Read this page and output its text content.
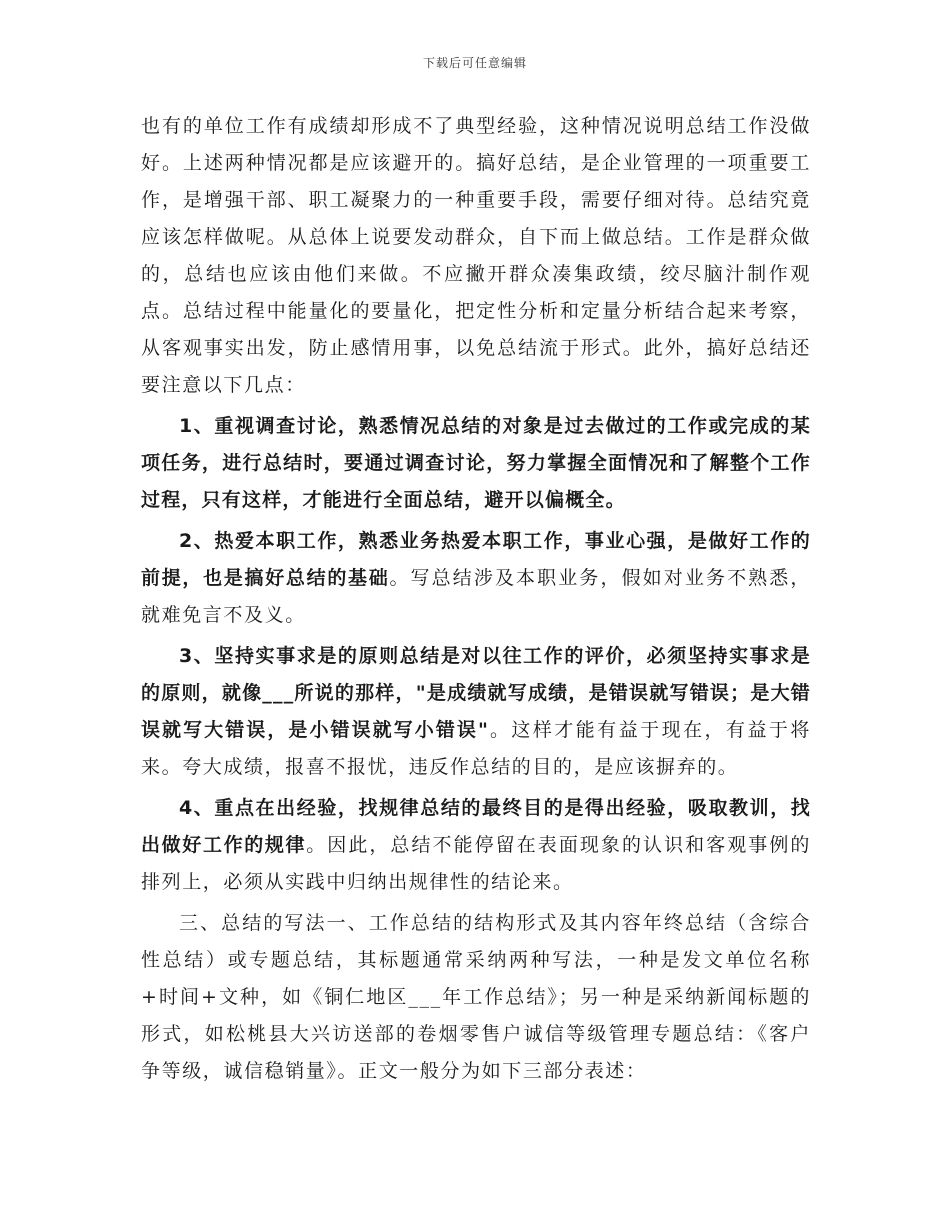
下载后可任意编辑

也有的单位工作有成绩却形成不了典型经验，这种情况说明总结工作没做好。上述两种情况都是应该避开的。搞好总结，是企业管理的一项重要工作，是增强干部、职工凝聚力的一种重要手段，需要仔细对待。总结究竟应该怎样做呢。从总体上说要发动群众，自下而上做总结。工作是群众做的，总结也应该由他们来做。不应撇开群众凑集政绩，绞尽脑汁制作观点。总结过程中能量化的要量化，把定性分析和定量分析结合起来考察，从客观事实出发，防止感情用事，以免总结流于形式。此外，搞好总结还要注意以下几点：

1、重视调查讨论，熟悉情况总结的对象是过去做过的工作或完成的某项任务，进行总结时，要通过调查讨论，努力掌握全面情况和了解整个工作过程，只有这样，才能进行全面总结，避开以偏概全。

2、热爱本职工作，熟悉业务热爱本职工作，事业心强，是做好工作的前提，也是搞好总结的基础。写总结涉及本职业务，假如对业务不熟悉，就难免言不及义。

3、坚持实事求是的原则总结是对以往工作的评价，必须坚持实事求是的原则，就像___所说的那样，"是成绩就写成绩，是错误就写错误；是大错误就写大错误，是小错误就写小错误"。这样才能有益于现在，有益于将来。夸大成绩，报喜不报忧，违反作总结的目的，是应该摒弃的。

4、重点在出经验，找规律总结的最终目的是得出经验，吸取教训，找出做好工作的规律。因此，总结不能停留在表面现象的认识和客观事例的排列上，必须从实践中归纳出规律性的结论来。

三、总结的写法一、工作总结的结构形式及其内容年终总结（含综合性总结）或专题总结，其标题通常采纳两种写法，一种是发文单位名称+时间+文种，如《铜仁地区___年工作总结》；另一种是采纳新闻标题的形式，如松桃县大兴访送部的卷烟零售户诚信等级管理专题总结：《客户争等级，诚信稳销量》。正文一般分为如下三部分表述：
